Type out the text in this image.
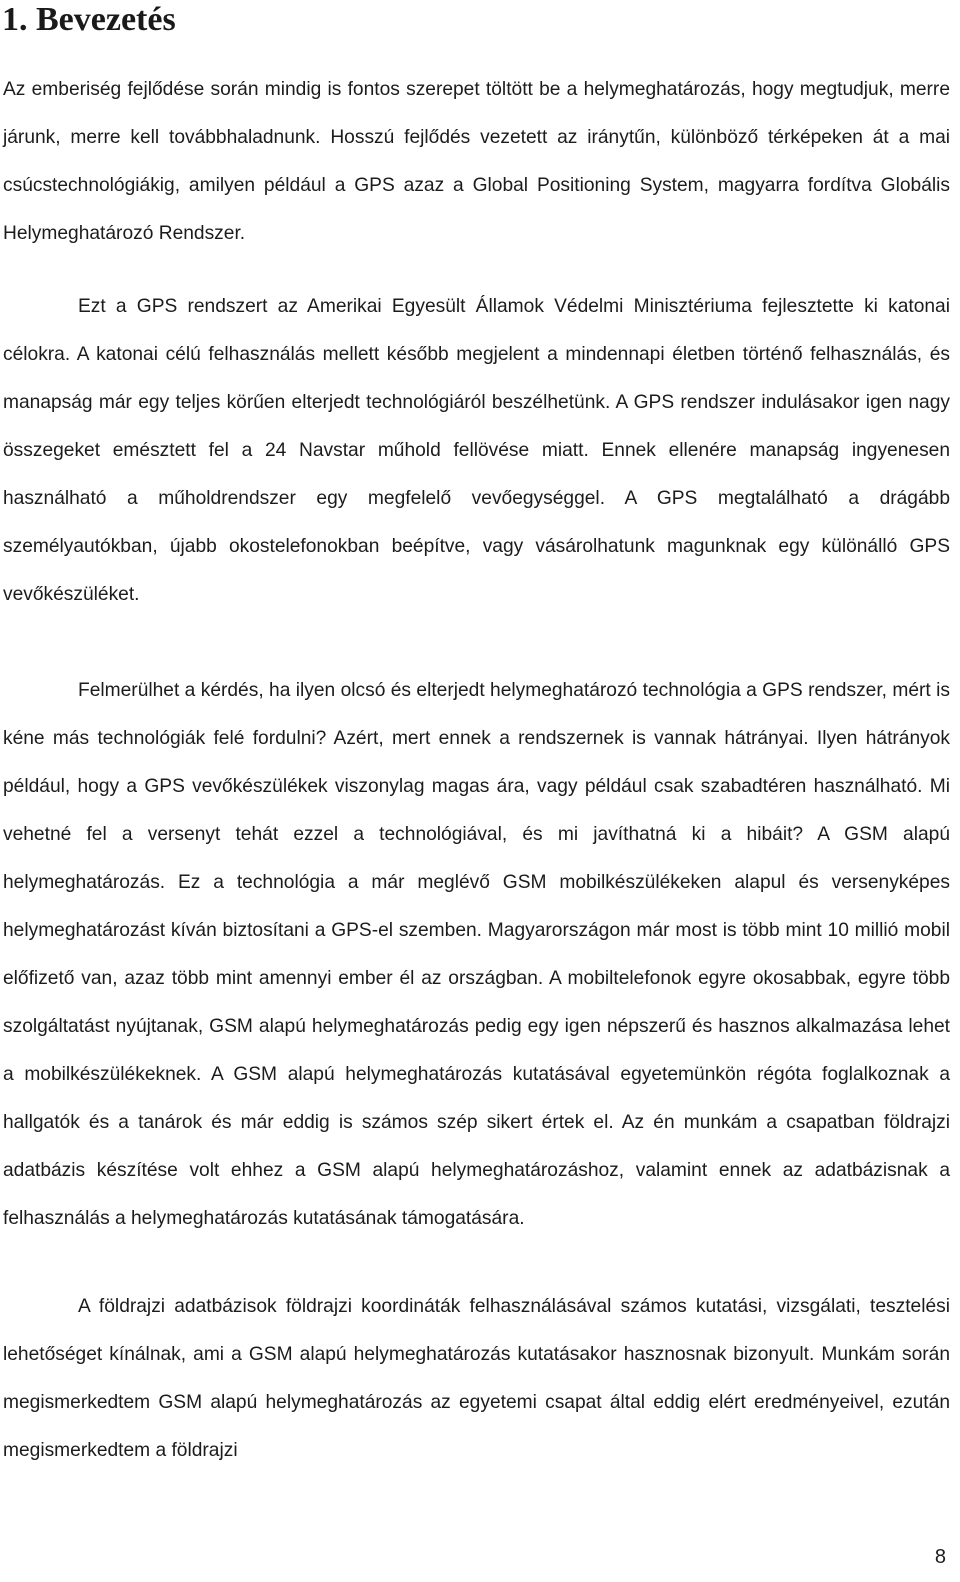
1. Bevezetés

Az emberiség fejlődése során mindig is fontos szerepet töltött be a helymeghatározás, hogy megtudjuk, merre járunk, merre kell továbbhaladnunk. Hosszú fejlődés vezetett az iránytűn, különböző térképeken át a mai csúcstechnológiákig, amilyen például a GPS azaz a Global Positioning System, magyarra fordítva Globális Helymeghatározó Rendszer.

Ezt a GPS rendszert az Amerikai Egyesült Államok Védelmi Minisztériuma fejlesztette ki katonai célokra. A katonai célú felhasználás mellett később megjelent a mindennapi életben történő felhasználás, és manapság már egy teljes körűen elterjedt technológiáról beszélhetünk. A GPS rendszer indulásakor igen nagy összegeket emésztett fel a 24 Navstar műhold fellövése miatt. Ennek ellenére manapság ingyenesen használható a műholdrendszer egy megfelelő vevőegységgel. A GPS megtalálható a drágább személyautókban, újabb okostelefonokban beépítve, vagy vásárolhatunk magunknak egy különálló GPS vevőkészüléket.

Felmerülhet a kérdés, ha ilyen olcsó és elterjedt helymeghatározó technológia a GPS rendszer, mért is kéne más technológiák felé fordulni? Azért, mert ennek a rendszernek is vannak hátrányai. Ilyen hátrányok például, hogy a GPS vevőkészülékek viszonylag magas ára, vagy például csak szabadtéren használható. Mi vehetné fel a versenyt tehát ezzel a technológiával, és mi javíthatná ki a hibáit? A GSM alapú helymeghatározás. Ez a technológia a már meglévő GSM mobilkészülékeken alapul és versenyképes helymeghatározást kíván biztosítani a GPS-el szemben. Magyarországon már most is több mint 10 millió mobil előfizető van, azaz több mint amennyi ember él az országban. A mobiltelefonok egyre okosabbak, egyre több szolgáltatást nyújtanak, GSM alapú helymeghatározás pedig egy igen népszerű és hasznos alkalmazása lehet a mobilkészülékeknek. A GSM alapú helymeghatározás kutatásával egyetemünkön régóta foglalkoznak a hallgatók és a tanárok és már eddig is számos szép sikert értek el. Az én munkám a csapatban földrajzi adatbázis készítése volt ehhez a GSM alapú helymeghatározáshoz, valamint ennek az adatbázisnak a felhasználás a helymeghatározás kutatásának támogatására.

A földrajzi adatbázisok földrajzi koordináták felhasználásával számos kutatási, vizsgálati, tesztelési lehetőséget kínálnak, ami a GSM alapú helymeghatározás kutatásakor hasznosnak bizonyult. Munkám során megismerkedtem GSM alapú helymeghatározás az egyetemi csapat által eddig elért eredményeivel, ezután megismerkedtem a földrajzi

8
